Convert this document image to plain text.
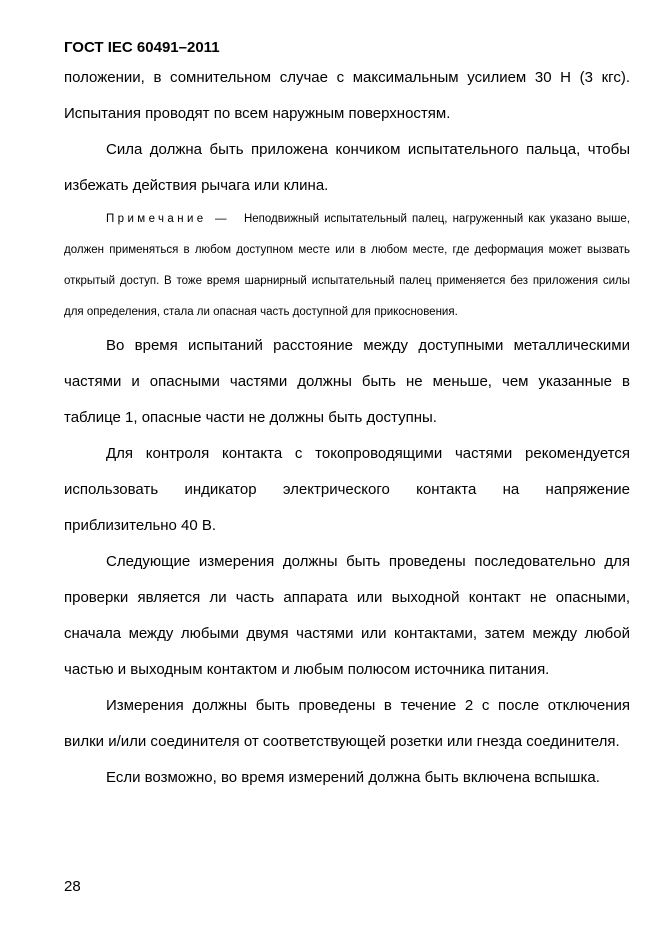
ГОСТ IEC 60491–2011

положении, в сомнительном случае с максимальным усилием 30 Н (3 кгс). Испытания проводят по всем наружным поверхностям.

Сила должна быть приложена кончиком испытательного пальца, чтобы избежать действия рычага или клина.

Примечание — Неподвижный испытательный палец, нагруженный как указано выше, должен применяться в любом доступном месте или в любом месте, где деформация может вызвать открытый доступ. В тоже время шарнирный испытательный палец применяется без приложения силы для определения, стала ли опасная часть доступной для прикосновения.

Во время испытаний расстояние между доступными металлическими частями и опасными частями должны быть не меньше, чем указанные в таблице 1, опасные части не должны быть доступны.

Для контроля контакта с токопроводящими частями рекомендуется использовать индикатор электрического контакта на напряжение приблизительно 40 В.

Следующие измерения должны быть проведены последовательно для проверки является ли часть аппарата или выходной контакт не опасными, сначала между любыми двумя частями или контактами, затем между любой частью и выходным контактом и любым полюсом источника питания.

Измерения должны быть проведены в течение 2 с после отключения вилки и/или соединителя от соответствующей розетки или гнезда соединителя.

Если возможно, во время измерений должна быть включена вспышка.

28
